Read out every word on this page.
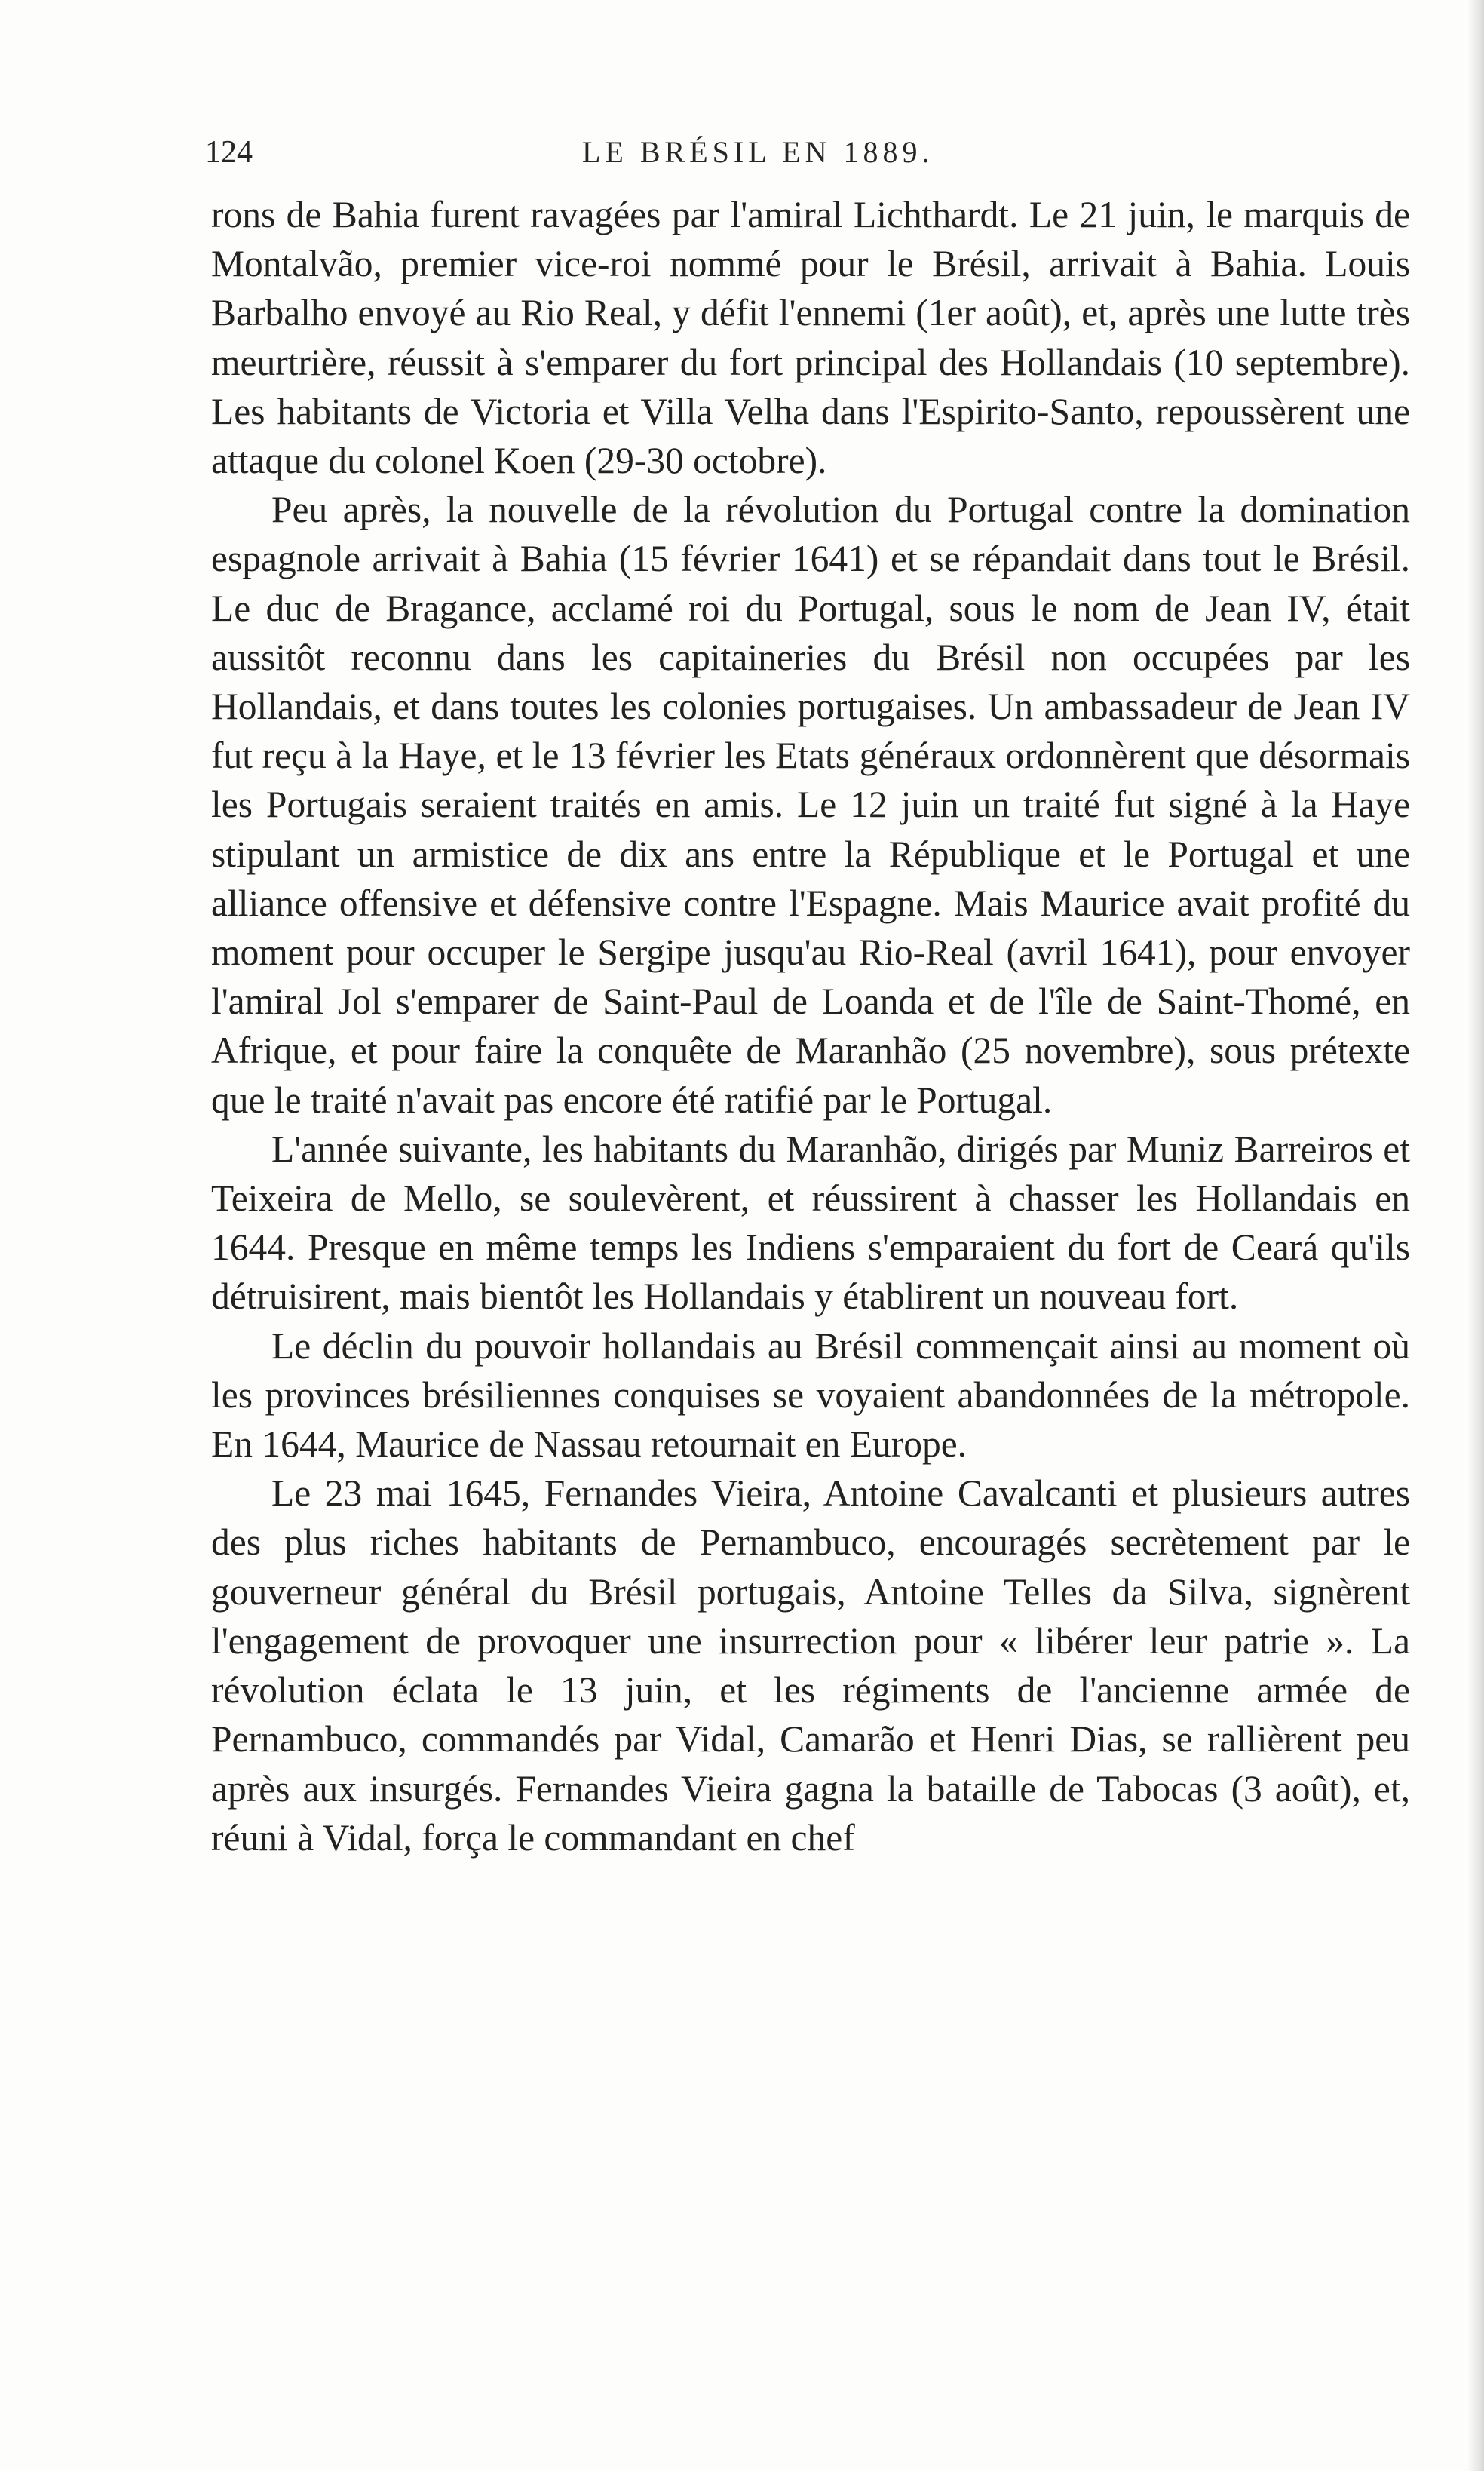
124	LE BRÉSIL EN 1889.

rons de Bahia furent ravagées par l'amiral Lichthardt. Le 21 juin, le marquis de Montalvão, premier vice-roi nommé pour le Brésil, arrivait à Bahia. Louis Barbalho envoyé au Rio Real, y défit l'ennemi (1er août), et, après une lutte très meurtrière, réussit à s'emparer du fort principal des Hollandais (10 septembre). Les habitants de Victoria et Villa Velha dans l'Espirito-Santo, repoussèrent une attaque du colonel Koen (29-30 octobre).

Peu après, la nouvelle de la révolution du Portugal contre la domination espagnole arrivait à Bahia (15 février 1641) et se répandait dans tout le Brésil. Le duc de Bragance, acclamé roi du Portugal, sous le nom de Jean IV, était aussitôt reconnu dans les capitaineries du Brésil non occupées par les Hollandais, et dans toutes les colonies portugaises. Un ambassadeur de Jean IV fut reçu à la Haye, et le 13 février les Etats généraux ordonnèrent que désormais les Portugais seraient traités en amis. Le 12 juin un traité fut signé à la Haye stipulant un armistice de dix ans entre la République et le Portugal et une alliance offensive et défensive contre l'Espagne. Mais Maurice avait profité du moment pour occuper le Sergipe jusqu'au Rio-Real (avril 1641), pour envoyer l'amiral Jol s'emparer de Saint-Paul de Loanda et de l'île de Saint-Thomé, en Afrique, et pour faire la conquête de Maranhão (25 novembre), sous prétexte que le traité n'avait pas encore été ratifié par le Portugal.

L'année suivante, les habitants du Maranhão, dirigés par Muniz Barreiros et Teixeira de Mello, se soulevèrent, et réussirent à chasser les Hollandais en 1644. Presque en même temps les Indiens s'emparaient du fort de Ceará qu'ils détruisirent, mais bientôt les Hollandais y établirent un nouveau fort.

Le déclin du pouvoir hollandais au Brésil commençait ainsi au moment où les provinces brésiliennes conquises se voyaient abandonnées de la métropole. En 1644, Maurice de Nassau retournait en Europe.

Le 23 mai 1645, Fernandes Vieira, Antoine Cavalcanti et plusieurs autres des plus riches habitants de Pernambuco, encouragés secrètement par le gouverneur général du Brésil portugais, Antoine Telles da Silva, signèrent l'engagement de provoquer une insurrection pour « libérer leur patrie ». La révolution éclata le 13 juin, et les régiments de l'ancienne armée de Pernambuco, commandés par Vidal, Camarão et Henri Dias, se rallièrent peu après aux insurgés. Fernandes Vieira gagna la bataille de Tabocas (3 août), et, réuni à Vidal, força le commandant en chef
